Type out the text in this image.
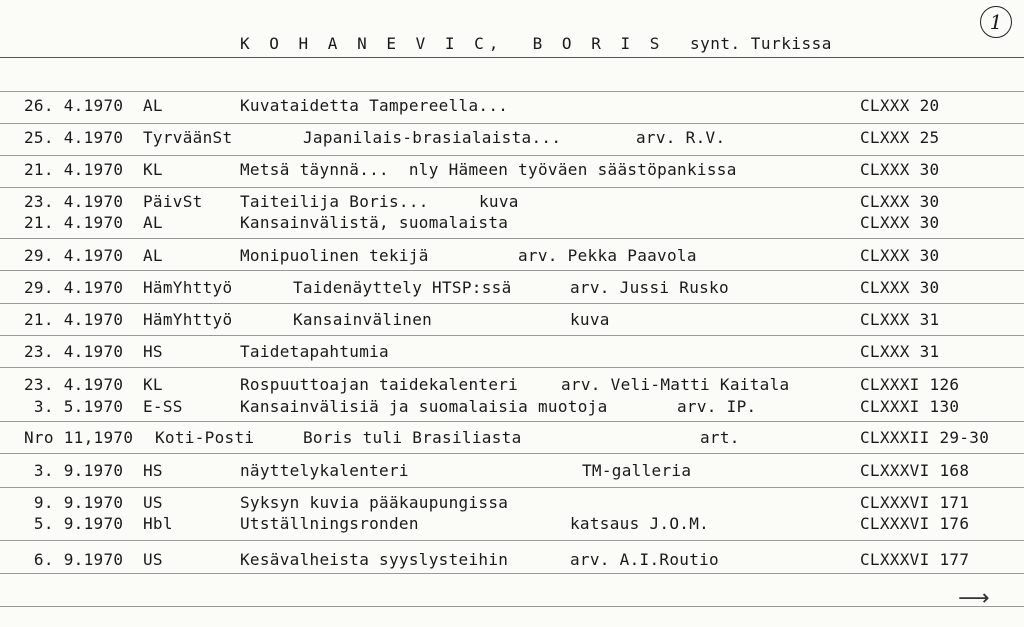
K O H A N E V I C,  B O R I S synt. Turkissa
1
26. 4.1970 AL	Kuvataidetta Tampereella...	CLXXX 20
25. 4.1970 TyrväänSt	Japanilais-brasialaista...	arv. R.V.	CLXXX 25
21. 4.1970 KL	Metsä täynnä...  nly Hämeen työväen säästöpankissa	CLXXX 30
23. 4.1970 PäivSt Taiteilija Boris...	kuva	CLXXX 30
21. 4.1970 AL	Kansainvälistä, suomalaista	CLXXX 30
29. 4.1970 AL	Monipuolinen tekijä	arv. Pekka Paavola	CLXXX 30
29. 4.1970 HämYhttyö	Taidenäyttely HTSP:ssä	arv. Jussi Rusko	CLXXX 30
21. 4.1970 HämYhttyö	Kansainvälinen	kuva	CLXXX 31
23. 4.1970 HS	Taidetapahtumia	CLXXX 31
23. 4.1970 KL	Rospuuttoajan taidekalenteri	arv. Veli-Matti Kaitala	CLXXXI 126
3. 5.1970 E-SS	Kansainvälisiä ja suomalaisia muotoja	arv. IP.	CLXXXI 130
Nro 11,1970 Koti-Posti	Boris tuli Brasiliasta	art.	CLXXXII 29-30
3. 9.1970 HS	näyttelykalenteri	TM-galleria	CLXXXVI 168
9. 9.1970 US	Syksyn kuvia pääkaupungissa	CLXXXVI 171
5. 9.1970 Hbl	Utställningsronden	katsaus J.O.M.	CLXXXVI 176
6. 9.1970 US	Kesävalheista syyslysteihin	arv. A.I.Routio	CLXXXVI 177
⟶
